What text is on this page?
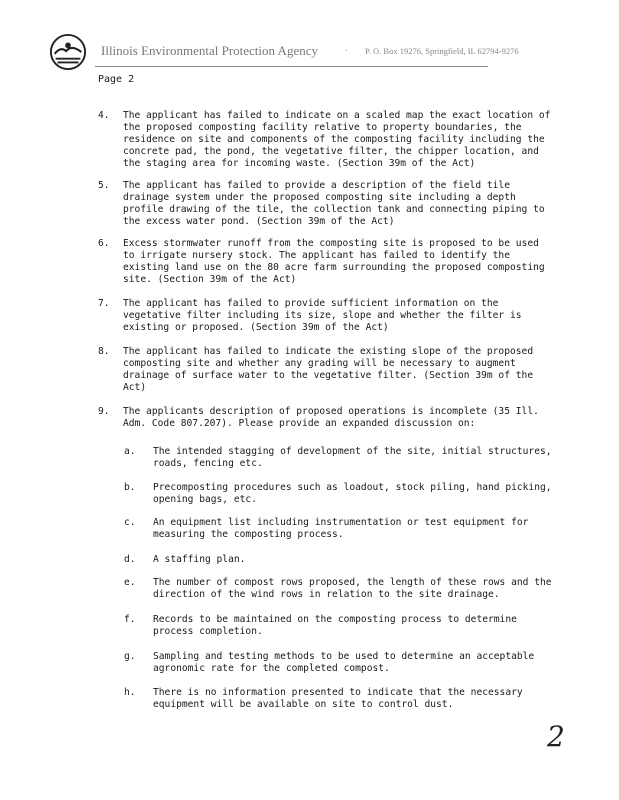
Illinois Environmental Protection Agency	· P. O. Box 19276, Springfield, IL 62794-9276
Page 2
4. The applicant has failed to indicate on a scaled map the exact location of
the proposed composting facility relative to property boundaries, the
residence on site and components of the composting facility including the
concrete pad, the pond, the vegetative filter, the chipper location, and
the staging area for incoming waste. (Section 39m of the Act)
5. The applicant has failed to provide a description of the field tile
drainage system under the proposed composting site including a depth
profile drawing of the tile, the collection tank and connecting piping to
the excess water pond. (Section 39m of the Act)
6. Excess stormwater runoff from the composting site is proposed to be used
to irrigate nursery stock. The applicant has failed to identify the
existing land use on the 80 acre farm surrounding the proposed composting
site. (Section 39m of the Act)
7. The applicant has failed to provide sufficient information on the
vegetative filter including its size, slope and whether the filter is
existing or proposed. (Section 39m of the Act)
8. The applicant has failed to indicate the existing slope of the proposed
composting site and whether any grading will be necessary to augment
drainage of surface water to the vegetative filter. (Section 39m of the
Act)
9. The applicants description of proposed operations is incomplete (35 Ill.
Adm. Code 807.207). Please provide an expanded discussion on:
a. The intended stagging of development of the site, initial structures,
roads, fencing etc.
b. Precomposting procedures such as loadout, stock piling, hand picking,
opening bags, etc.
c. An equipment list including instrumentation or test equipment for
measuring the composting process.
d. A staffing plan.
e. The number of compost rows proposed, the length of these rows and the
direction of the wind rows in relation to the site drainage.
f. Records to be maintained on the composting process to determine
process completion.
g. Sampling and testing methods to be used to determine an acceptable
agronomic rate for the completed compost.
h. There is no information presented to indicate that the necessary
equipment will be available on site to control dust.
2
